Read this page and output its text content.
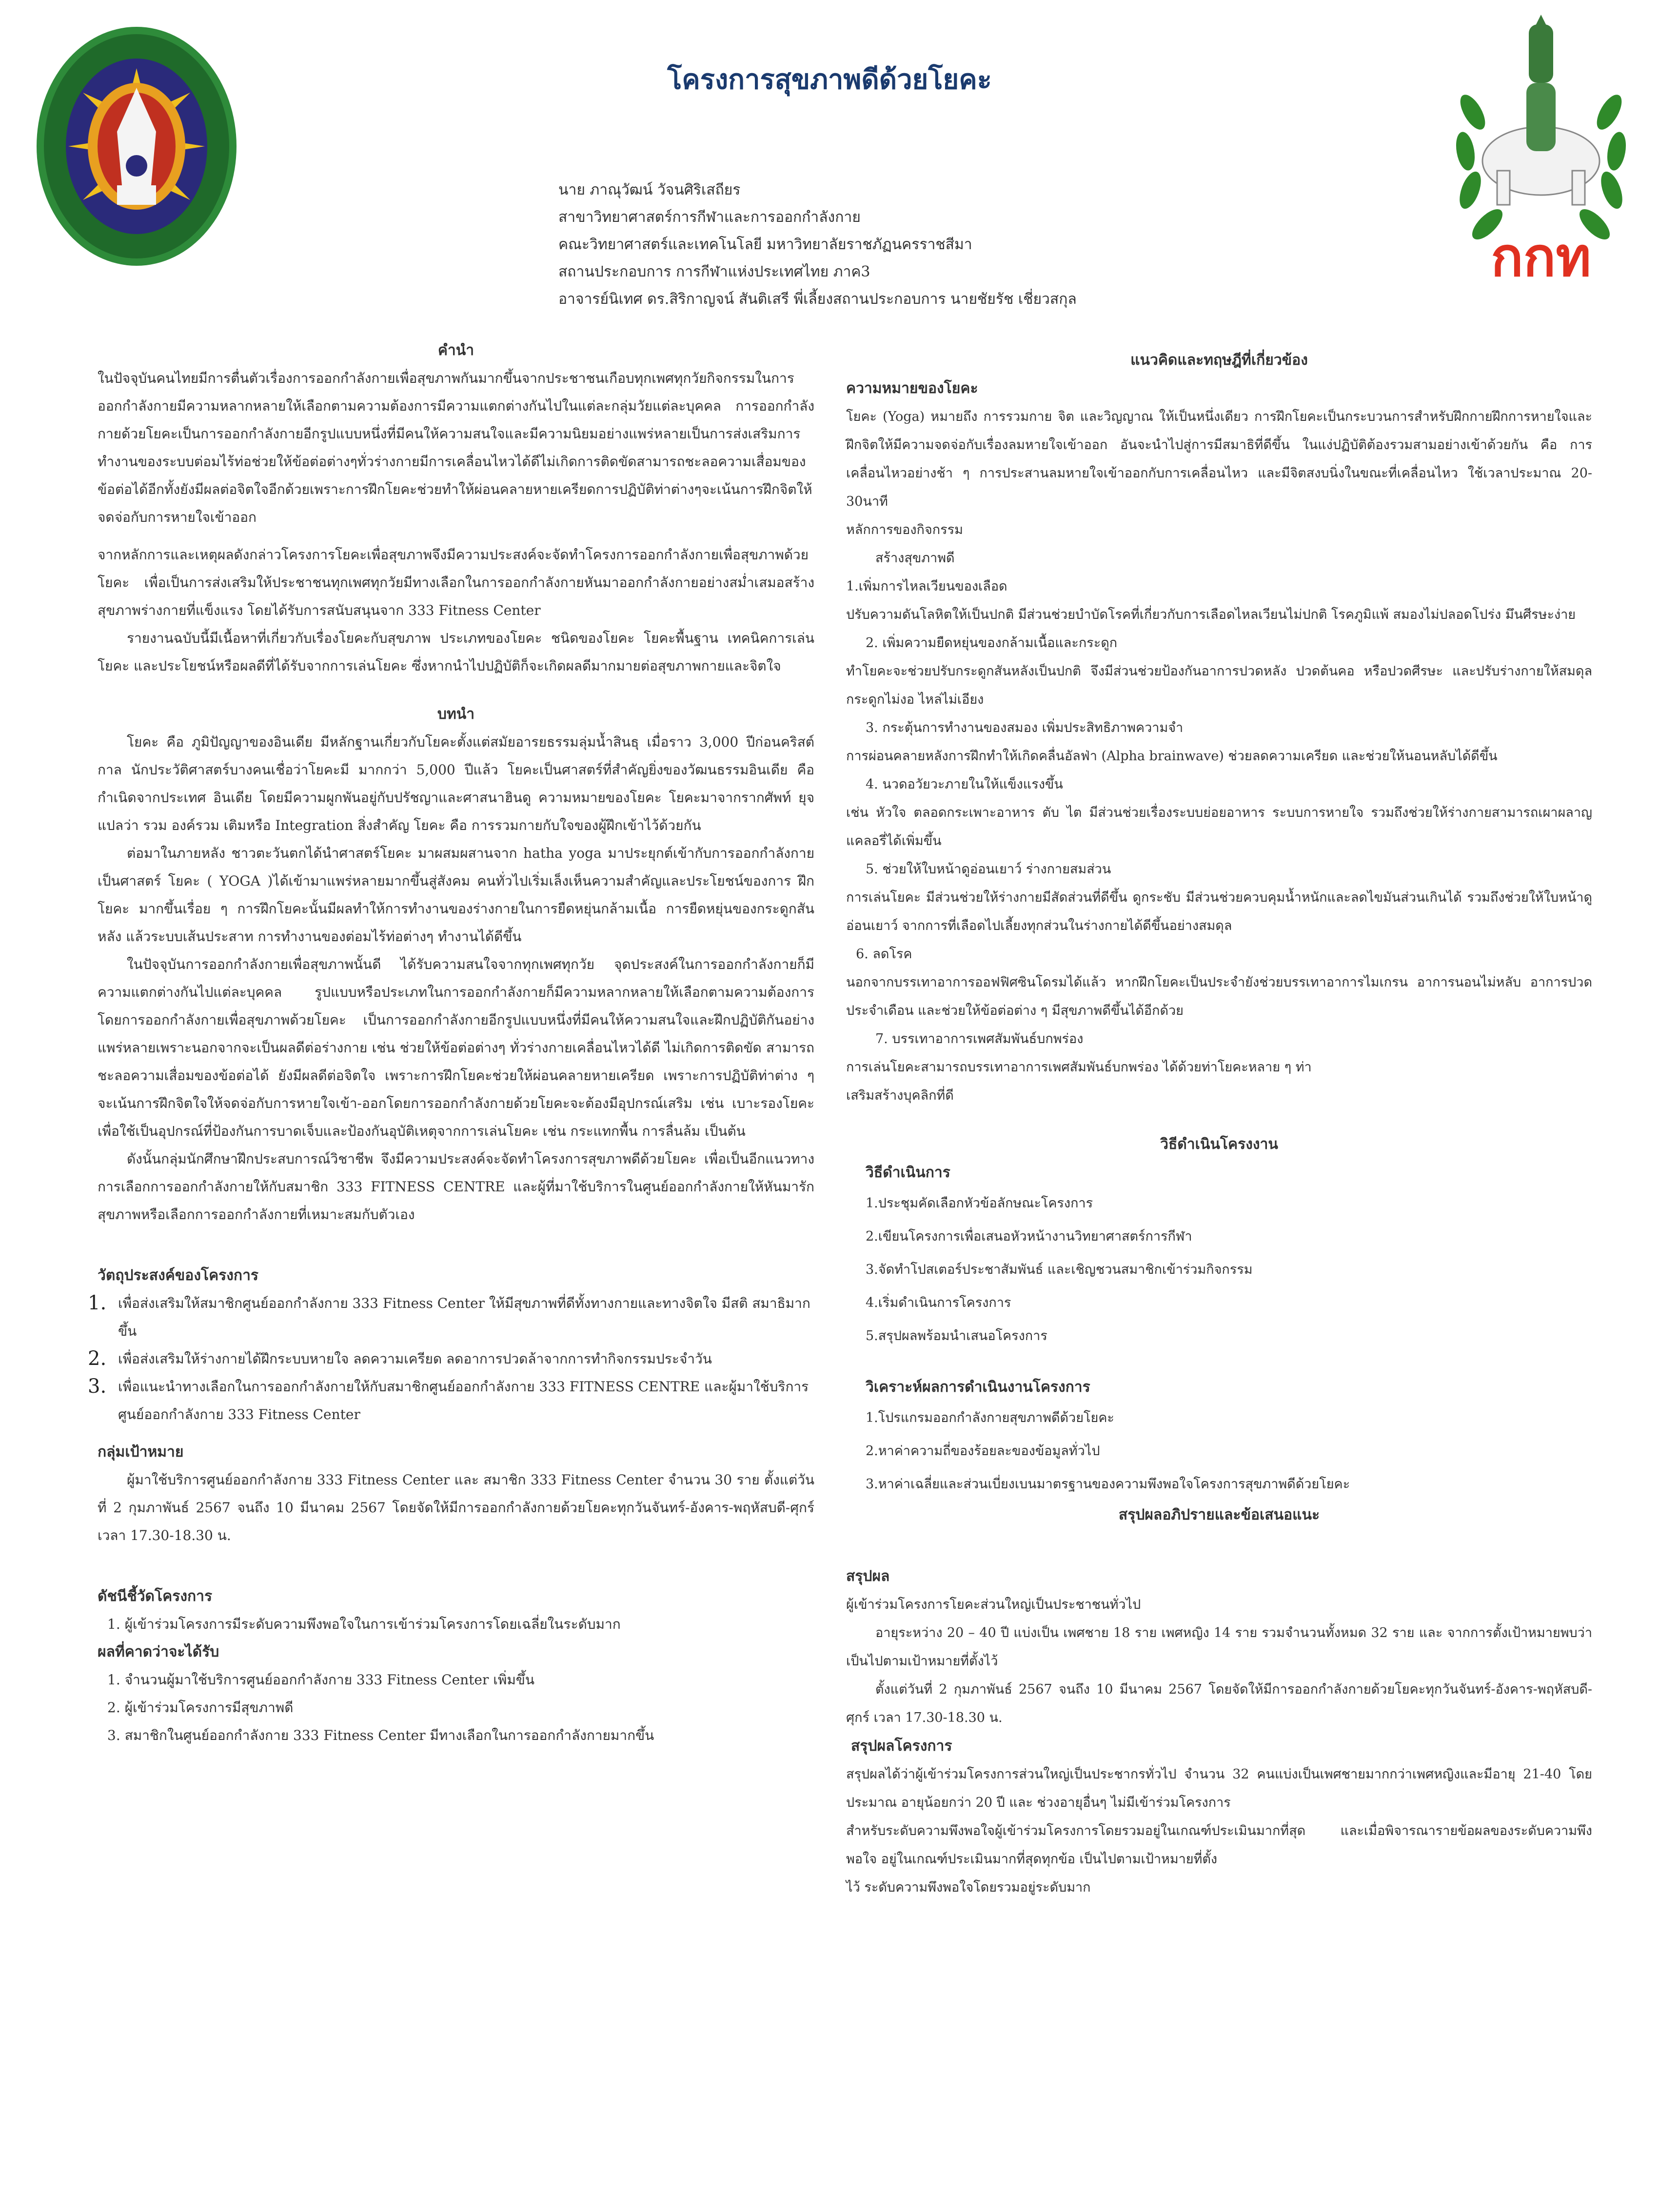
กกท
โครงการสุขภาพดีด้วยโยคะ
นาย ภาณุวัฒน์ วัจนศิริเสถียร
สาขาวิทยาศาสตร์การกีฬาและการออกกำลังกาย
คณะวิทยาศาสตร์และเทคโนโลยี มหาวิทยาลัยราชภัฏนครราชสีมา
สถานประกอบการ การกีฬาแห่งประเทศไทย ภาค3
อาจารย์นิเทศ ดร.สิริกาญจน์ สันติเสรี พี่เลี้ยงสถานประกอบการ นายชัยรัช เชี่ยวสกุล
คำนำ

ในปัจจุบันคนไทยมีการตื่นตัวเรื่องการออกกำลังกายเพื่อสุขภาพกันมากขึ้นจากประชาชนเกือบทุกเพศทุกวัยกิจกรรมในการออกกำลังกายมีความหลากหลายให้เลือกตามความต้องการมีความแตกต่างกันไปในแต่ละกลุ่มวัยแต่ละบุคคล การออกกำลังกายด้วยโยคะเป็นการออกกำลังกายอีกรูปแบบหนึ่งที่มีคนให้ความสนใจและมีความนิยมอย่างแพร่หลายเป็นการส่งเสริมการทำงานของระบบต่อมไร้ท่อช่วยให้ข้อต่อต่างๆทั่วร่างกายมีการเคลื่อนไหวได้ดีไม่เกิดการติดขัดสามารถชะลอความเสื่อมของข้อต่อได้อีกทั้งยังมีผลต่อจิตใจอีกด้วยเพราะการฝึกโยคะช่วยทำให้ผ่อนคลายหายเครียดการปฏิบัติท่าต่างๆจะเน้นการฝึกจิตให้จดจ่อกับการหายใจเข้าออก

จากหลักการและเหตุผลดังกล่าวโครงการโยคะเพื่อสุขภาพจึงมีความประสงค์จะจัดทำโครงการออกกำลังกายเพื่อสุขภาพด้วยโยคะ เพื่อเป็นการส่งเสริมให้ประชาชนทุกเพศทุกวัยมีทางเลือกในการออกกำลังกายหันมาออกกำลังกายอย่างสม่ำเสมอสร้างสุขภาพร่างกายที่แข็งแรง โดยได้รับการสนับสนุนจาก 333 Fitness Center

รายงานฉบับนี้มีเนื้อหาที่เกี่ยวกับเรื่องโยคะกับสุขภาพ ประเภทของโยคะ ชนิดของโยคะ โยคะพื้นฐาน เทคนิคการเล่นโยคะ และประโยชน์หรือผลดีที่ได้รับจากการเล่นโยคะ ซึ่งหากนำไปปฏิบัติก็จะเกิดผลดีมากมายต่อสุขภาพกายและจิตใจ

บทนำ

โยคะ คือ ภูมิปัญญาของอินเดีย มีหลักฐานเกี่ยวกับโยคะตั้งแต่สมัยอารยธรรมลุ่มน้ำสินธุ เมื่อราว 3,000 ปีก่อนคริสต์กาล นักประวัติศาสตร์บางคนเชื่อว่าโยคะมี มากกว่า 5,000 ปีแล้ว โยคะเป็นศาสตร์ที่สำคัญยิ่งของวัฒนธรรมอินเดีย คือ กำเนิดจากประเทศ อินเดีย โดยมีความผูกพันอยู่กับปรัชญาและศาสนาฮินดู ความหมายของโยคะ โยคะมาจากรากศัพท์ ยุจ แปลว่า รวม องค์รวม เติมหรือ Integration สิ่งสำคัญ โยคะ คือ การรวมกายกับใจของผู้ฝึกเข้าไว้ด้วยกัน

ต่อมาในภายหลัง ชาวตะวันตกได้นำศาสตร์โยคะ มาผสมผสานจาก hatha yoga มาประยุกต์เข้ากับการออกกำลังกายเป็นศาสตร์ โยคะ ( YOGA )ได้เข้ามาแพร่หลายมากขึ้นสู่สังคม คนทั่วไปเริ่มเล็งเห็นความสำคัญและประโยชน์ของการ ฝึกโยคะ มากขึ้นเรื่อย ๆ การฝึกโยคะนั้นมีผลทำให้การทำงานของร่างกายในการยืดหยุ่นกล้ามเนื้อ การยืดหยุ่นของกระดูกสันหลัง แล้วระบบเส้นประสาท การทำงานของต่อมไร้ท่อต่างๆ ทำงานได้ดีขึ้น

ในปัจจุบันการออกกำลังกายเพื่อสุขภาพนั้นดี ได้รับความสนใจจากทุกเพศทุกวัย จุดประสงค์ในการออกกำลังกายก็มีความแตกต่างกันไปแต่ละบุคคล รูปแบบหรือประเภทในการออกกำลังกายก็มีความหลากหลายให้เลือกตามความต้องการ โดยการออกกำลังกายเพื่อสุขภาพด้วยโยคะ เป็นการออกกำลังกายอีกรูปแบบหนึ่งที่มีคนให้ความสนใจและฝึกปฏิบัติกันอย่างแพร่หลายเพราะนอกจากจะเป็นผลดีต่อร่างกาย เช่น ช่วยให้ข้อต่อต่างๆ ทั่วร่างกายเคลื่อนไหวได้ดี ไม่เกิดการติดขัด สามารถชะลอความเสื่อมของข้อต่อได้ ยังมีผลดีต่อจิตใจ เพราะการฝึกโยคะช่วยให้ผ่อนคลายหายเครียด เพราะการปฏิบัติท่าต่าง ๆ จะเน้นการฝึกจิตใจให้จดจ่อกับการหายใจเข้า-ออกโดยการออกกำลังกายด้วยโยคะจะต้องมีอุปกรณ์เสริม เช่น เบาะรองโยคะ เพื่อใช้เป็นอุปกรณ์ที่ป้องกันการบาดเจ็บและป้องกันอุบัติเหตุจากการเล่นโยคะ เช่น กระแทกพื้น การลื่นล้ม เป็นต้น

ดังนั้นกลุ่มนักศึกษาฝึกประสบการณ์วิชาชีพ จึงมีความประสงค์จะจัดทำโครงการสุขภาพดีด้วยโยคะ เพื่อเป็นอีกแนวทางการเลือกการออกกำลังกายให้กับสมาชิก 333 FITNESS CENTRE และผู้ที่มาใช้บริการในศูนย์ออกกำลังกายให้หันมารักสุขภาพหรือเลือกการออกกำลังกายที่เหมาะสมกับตัวเอง

วัตถุประสงค์ของโครงการ
1. เพื่อส่งเสริมให้สมาชิกศูนย์ออกกำลังกาย 333 Fitness Center ให้มีสุขภาพที่ดีทั้งทางกายและทางจิตใจ มีสติ สมาธิมากขึ้น
2. เพื่อส่งเสริมให้ร่างกายได้ฝึกระบบหายใจ ลดความเครียด ลดอาการปวดล้าจากการทำกิจกรรมประจำวัน
3. เพื่อแนะนำทางเลือกในการออกกำลังกายให้กับสมาชิกศูนย์ออกกำลังกาย 333 FITNESS CENTRE และผู้มาใช้บริการศูนย์ออกกำลังกาย 333 Fitness Center
กลุ่มเป้าหมาย

ผู้มาใช้บริการศูนย์ออกกำลังกาย 333 Fitness Center และ สมาชิก 333 Fitness Center จำนวน 30 ราย ตั้งแต่วันที่ 2 กุมภาพันธ์ 2567 จนถึง 10 มีนาคม 2567 โดยจัดให้มีการออกกำลังกายด้วยโยคะทุกวันจันทร์-อังคาร-พฤหัสบดี-ศุกร์ เวลา 17.30-18.30 น.

ดัชนีชี้วัดโครงการ
1. ผู้เข้าร่วมโครงการมีระดับความพึงพอใจในการเข้าร่วมโครงการโดยเฉลี่ยในระดับมาก
ผลที่คาดว่าจะได้รับ
1. จำนวนผู้มาใช้บริการศูนย์ออกกำลังกาย 333 Fitness Center เพิ่มขึ้น
2. ผู้เข้าร่วมโครงการมีสุขภาพดี
3. สมาชิกในศูนย์ออกกำลังกาย 333 Fitness Center มีทางเลือกในการออกกำลังกายมากขึ้น
แนวคิดและทฤษฎีที่เกี่ยวข้อง
ความหมายของโยคะ

โยคะ (Yoga) หมายถึง การรวมกาย จิต และวิญญาณ ให้เป็นหนึ่งเดียว การฝึกโยคะเป็นกระบวนการสำหรับฝึกกายฝึกการหายใจและฝึกจิตให้มีความจดจ่อกับเรื่องลมหายใจเข้าออก อันจะนำไปสู่การมีสมาธิที่ดีขึ้น ในแง่ปฏิบัติต้องรวมสามอย่างเข้าด้วยกัน คือ การเคลื่อนไหวอย่างช้า ๆ การประสานลมหายใจเข้าออกกับการเคลื่อนไหว และมีจิตสงบนิ่งในขณะที่เคลื่อนไหว ใช้เวลาประมาณ 20-30นาที

หลักการของกิจกรรม

สร้างสุขภาพดี

1.เพิ่มการไหลเวียนของเลือด

ปรับความดันโลหิตให้เป็นปกติ มีส่วนช่วยบำบัดโรคที่เกี่ยวกับการเลือดไหลเวียนไม่ปกติ โรคภูมิแพ้ สมองไม่ปลอดโปร่ง มึนศีรษะง่าย

2. เพิ่มความยืดหยุ่นของกล้ามเนื้อและกระดูก

ทำโยคะจะช่วยปรับกระดูกสันหลังเป็นปกติ จึงมีส่วนช่วยป้องกันอาการปวดหลัง ปวดต้นคอ หรือปวดศีรษะ และปรับร่างกายให้สมดุล กระดูกไม่งอ ไหล่ไม่เอียง

3. กระตุ้นการทำงานของสมอง เพิ่มประสิทธิภาพความจำ

การผ่อนคลายหลังการฝึกทำให้เกิดคลื่นอัลฟ่า (Alpha brainwave) ช่วยลดความเครียด และช่วยให้นอนหลับได้ดีขึ้น

4. นวดอวัยวะภายในให้แข็งแรงขึ้น

เช่น หัวใจ ตลอดกระเพาะอาหาร ตับ ไต มีส่วนช่วยเรื่องระบบย่อยอาหาร ระบบการหายใจ รวมถึงช่วยให้ร่างกายสามารถเผาผลาญแคลอรี่ได้เพิ่มขึ้น

5. ช่วยให้ใบหน้าดูอ่อนเยาว์ ร่างกายสมส่วน

การเล่นโยคะ มีส่วนช่วยให้ร่างกายมีสัดส่วนที่ดีขึ้น ดูกระชับ มีส่วนช่วยควบคุมน้ำหนักและลดไขมันส่วนเกินได้ รวมถึงช่วยให้ใบหน้าดูอ่อนเยาว์ จากการที่เลือดไปเลี้ยงทุกส่วนในร่างกายได้ดีขึ้นอย่างสมดุล

6. ลดโรค

นอกจากบรรเทาอาการออฟฟิศซินโดรมได้แล้ว หากฝึกโยคะเป็นประจำยังช่วยบรรเทาอาการไมเกรน อาการนอนไม่หลับ อาการปวดประจำเดือน และช่วยให้ข้อต่อต่าง ๆ มีสุขภาพดีขึ้นได้อีกด้วย

7. บรรเทาอาการเพศสัมพันธ์บกพร่อง

การเล่นโยคะสามารถบรรเทาอาการเพศสัมพันธ์บกพร่อง ได้ด้วยท่าโยคะหลาย ๆ ท่า

เสริมสร้างบุคลิกที่ดี

วิธีดำเนินโครงงาน
วิธีดำเนินการ
1.ประชุมคัดเลือกหัวข้อลักษณะโครงการ
2.เขียนโครงการเพื่อเสนอหัวหน้างานวิทยาศาสตร์การกีฬา
3.จัดทำโปสเตอร์ประชาสัมพันธ์ และเชิญชวนสมาชิกเข้าร่วมกิจกรรม
4.เริ่มดำเนินการโครงการ
5.สรุปผลพร้อมนำเสนอโครงการ
วิเคราะห์ผลการดำเนินงานโครงการ
1.โปรแกรมออกกำลังกายสุขภาพดีด้วยโยคะ
2.หาค่าความถี่ของร้อยละของข้อมูลทั่วไป
3.หาค่าเฉลี่ยและส่วนเบี่ยงเบนมาตรฐานของความพึงพอใจโครงการสุขภาพดีด้วยโยคะ
สรุปผลอภิปรายและข้อเสนอแนะ
สรุปผล

ผู้เข้าร่วมโครงการโยคะส่วนใหญ่เป็นประชาชนทั่วไป

อายุระหว่าง 20 – 40 ปี แบ่งเป็น เพศชาย 18 ราย เพศหญิง 14 ราย รวมจำนวนทั้งหมด 32 ราย และ จากการตั้งเป้าหมายพบว่าเป็นไปตามเป้าหมายที่ตั้งไว้

ตั้งแต่วันที่ 2 กุมภาพันธ์ 2567 จนถึง 10 มีนาคม 2567 โดยจัดให้มีการออกกำลังกายด้วยโยคะทุกวันจันทร์-อังคาร-พฤหัสบดี-ศุกร์ เวลา 17.30-18.30 น.

สรุปผลโครงการ

สรุปผลได้ว่าผู้เข้าร่วมโครงการส่วนใหญ่เป็นประชากรทั่วไป จำนวน 32 คนแบ่งเป็นเพศชายมากกว่าเพศหญิงและมีอายุ 21-40 โดยประมาณ อายุน้อยกว่า 20 ปี และ ช่วงอายุอื่นๆ ไม่มีเข้าร่วมโครงการ

สำหรับระดับความพึงพอใจผู้เข้าร่วมโครงการโดยรวมอยู่ในเกณฑ์ประเมินมากที่สุด และเมื่อพิจารณารายข้อผลของระดับความพึงพอใจ อยู่ในเกณฑ์ประเมินมากที่สุดทุกข้อ เป็นไปตามเป้าหมายที่ตั้ง

ไว้ ระดับความพึงพอใจโดยรวมอยู่ระดับมาก
